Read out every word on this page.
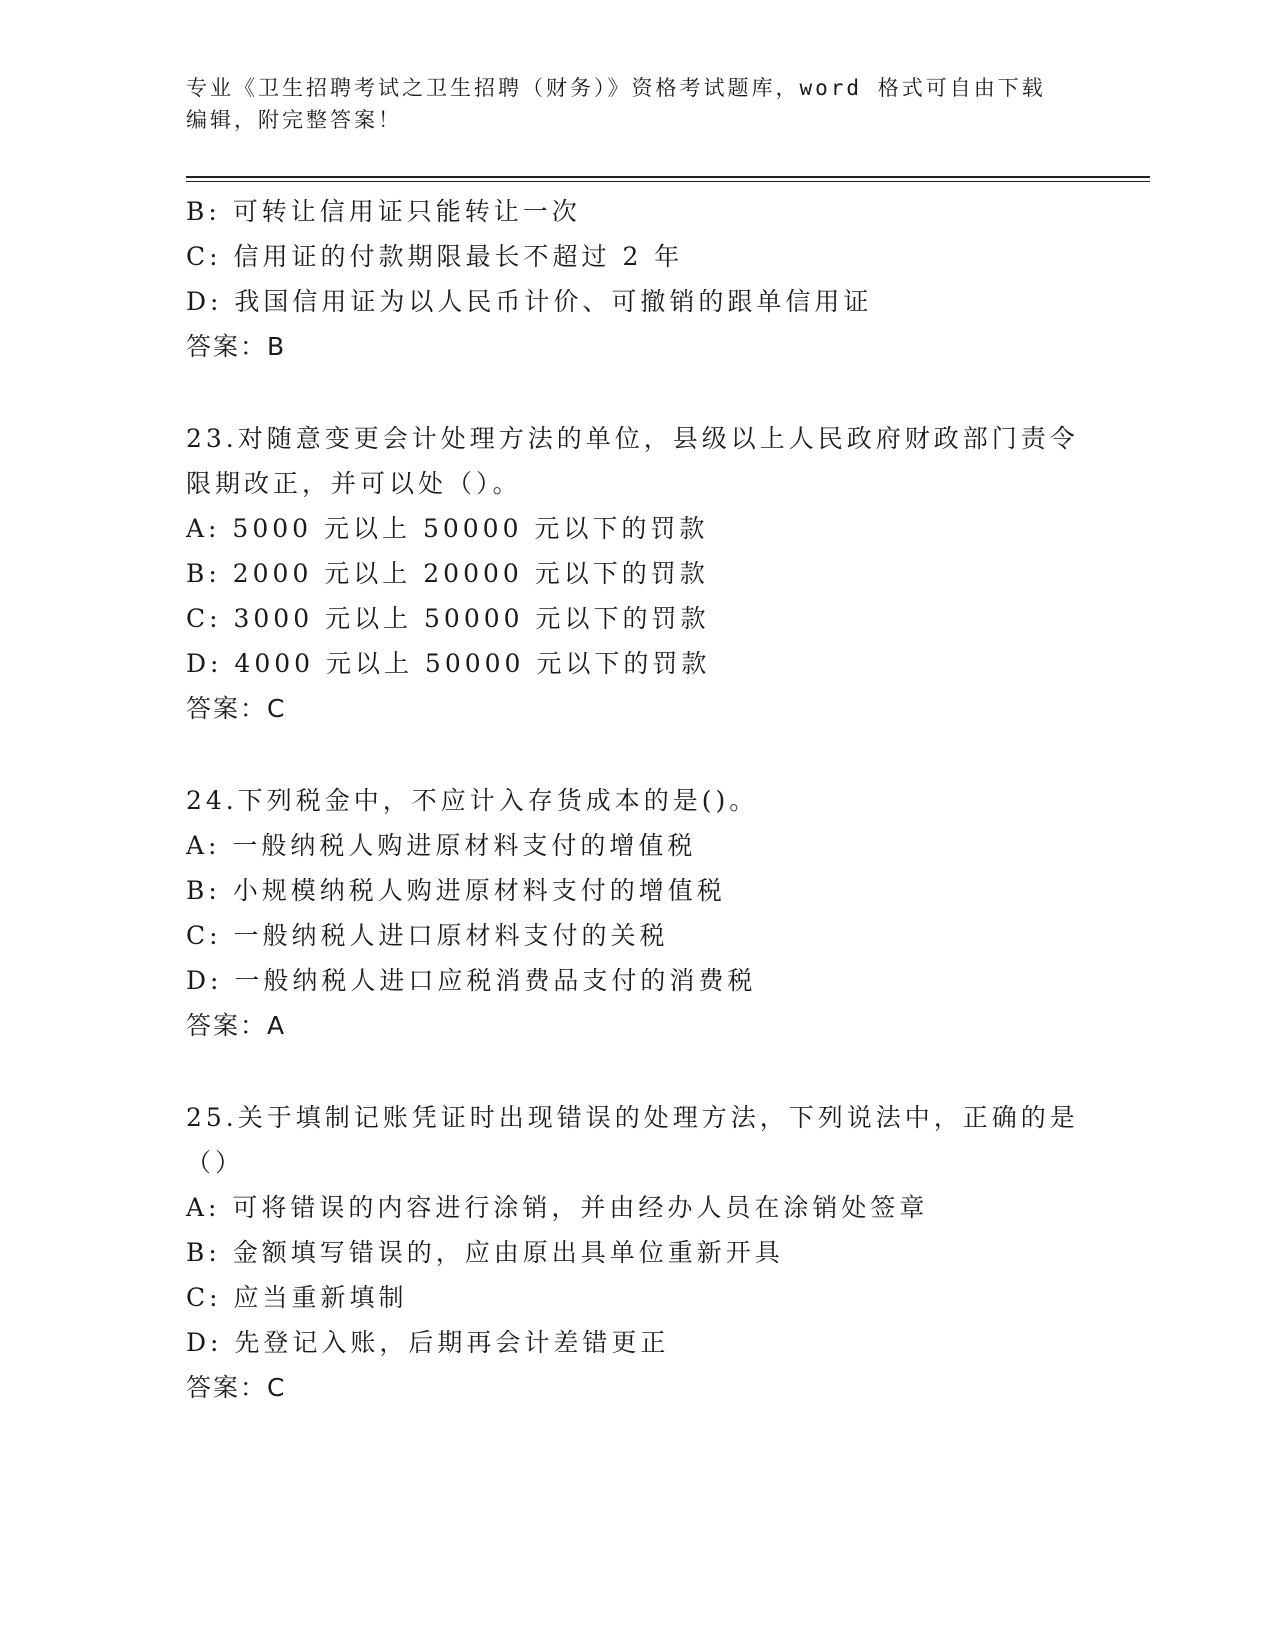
专业《卫生招聘考试之卫生招聘（财务）》资格考试题库，word 格式可自由下载
编辑，附完整答案！
B: 可转让信用证只能转让一次
C: 信用证的付款期限最长不超过 2 年
D: 我国信用证为以人民币计价、可撤销的跟单信用证
答案：B
23.对随意变更会计处理方法的单位，县级以上人民政府财政部门责令
限期改正，并可以处（）。
A: 5000 元以上 50000 元以下的罚款
B: 2000 元以上 20000 元以下的罚款
C: 3000 元以上 50000 元以下的罚款
D: 4000 元以上 50000 元以下的罚款
答案：C
24.下列税金中，不应计入存货成本的是()。
A: 一般纳税人购进原材料支付的增值税
B: 小规模纳税人购进原材料支付的增值税
C: 一般纳税人进口原材料支付的关税
D: 一般纳税人进口应税消费品支付的消费税
答案：A
25.关于填制记账凭证时出现错误的处理方法，下列说法中，正确的是
（）
A: 可将错误的内容进行涂销，并由经办人员在涂销处签章
B: 金额填写错误的，应由原出具单位重新开具
C: 应当重新填制
D: 先登记入账，后期再会计差错更正
答案：C
